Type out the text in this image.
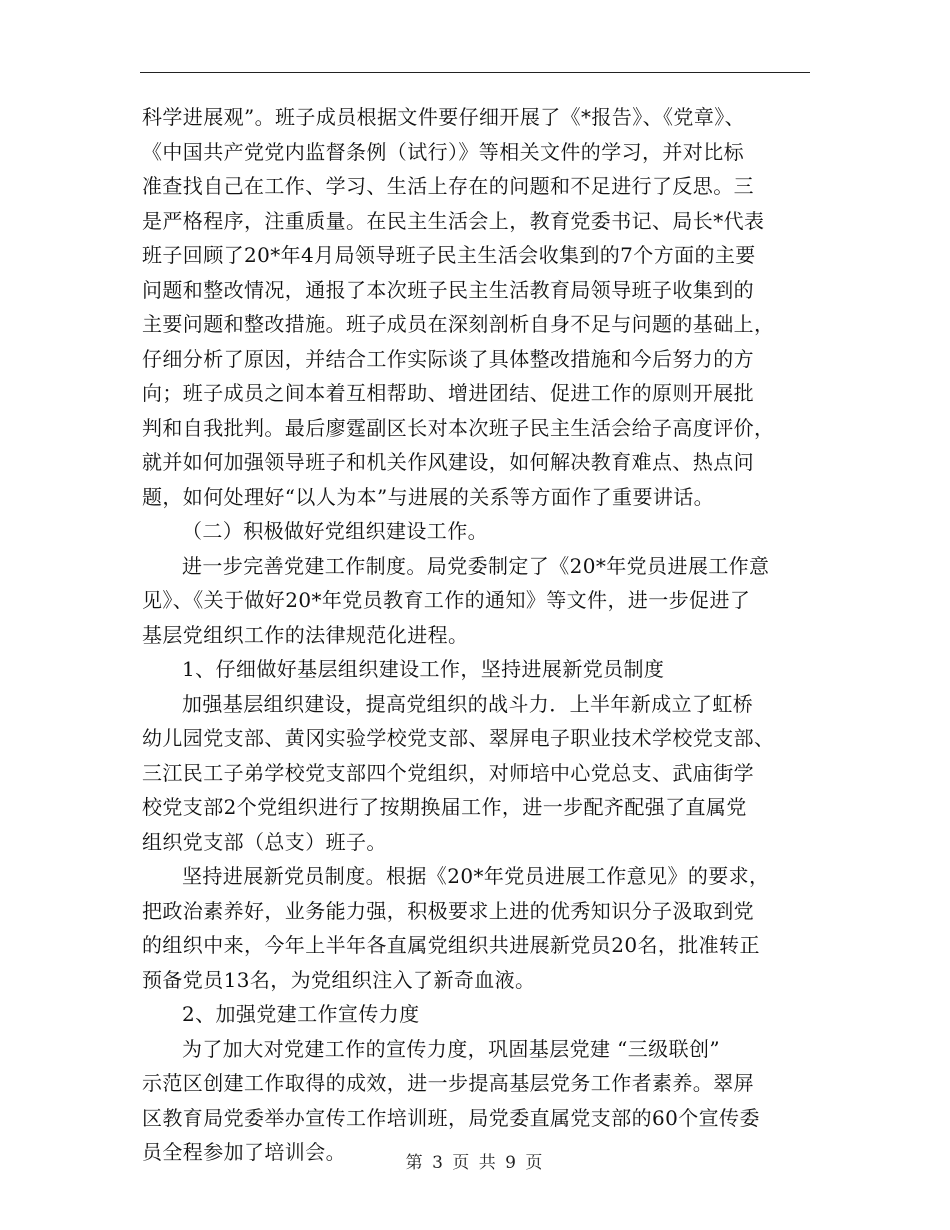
科学进展观”。班子成员根据文件要仔细开展了《*报告》、《党章》、
《中国共产党党内监督条例（试行）》等相关文件的学习，并对比标
准查找自己在工作、学习、生活上存在的问题和不足进行了反思。三
是严格程序，注重质量。在民主生活会上，教育党委书记、局长*代表
班子回顾了20*年4月局领导班子民主生活会收集到的7个方面的主要
问题和整改情况，通报了本次班子民主生活教育局领导班子收集到的
主要问题和整改措施。班子成员在深刻剖析自身不足与问题的基础上，
仔细分析了原因，并结合工作实际谈了具体整改措施和今后努力的方
向；班子成员之间本着互相帮助、增进团结、促进工作的原则开展批
判和自我批判。最后廖霆副区长对本次班子民主生活会给子高度评价，
就并如何加强领导班子和机关作风建设，如何解决教育难点、热点问
题，如何处理好“以人为本”与进展的关系等方面作了重要讲话。
（二）积极做好党组织建设工作。
进一步完善党建工作制度。局党委制定了《20*年党员进展工作意
见》、《关于做好20*年党员教育工作的通知》等文件，进一步促进了
基层党组织工作的法律规范化进程。
1、仔细做好基层组织建设工作，坚持进展新党员制度
加强基层组织建设，提高党组织的战斗力．上半年新成立了虹桥
幼儿园党支部、黄冈实验学校党支部、翠屏电子职业技术学校党支部、
三江民工子弟学校党支部四个党组织，对师培中心党总支、武庙街学
校党支部2个党组织进行了按期换届工作，进一步配齐配强了直属党
组织党支部（总支）班子。
坚持进展新党员制度。根据《20*年党员进展工作意见》的要求，
把政治素养好，业务能力强，积极要求上进的优秀知识分子汲取到党
的组织中来，今年上半年各直属党组织共进展新党员20名，批准转正
预备党员13名，为党组织注入了新奇血液。
2、加强党建工作宣传力度
为了加大对党建工作的宣传力度，巩固基层党建 “三级联创”
示范区创建工作取得的成效，进一步提高基层党务工作者素养。翠屏
区教育局党委举办宣传工作培训班，局党委直属党支部的60个宣传委
员全程参加了培训会。	第 3 页 共 9 页
